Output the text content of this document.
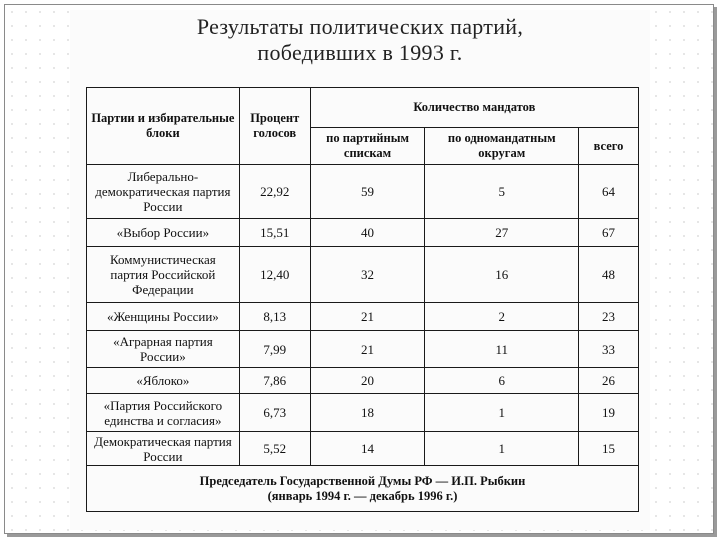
Результаты политических партий,
победивших в 1993 г.
Партии и избирательные блоки	Процент голосов	Количество мандатов		
		по партийным спискам	по одномандатным округам	всего
Либерально-демократическая партия России	22,92	59	5	64
«Выбор России»	15,51	40	27	67
Коммунистическая партия Российской Федерации	12,40	32	16	48
«Женщины России»	8,13	21	2	23
«Аграрная партия России»	7,99	21	11	33
«Яблоко»	7,86	20	6	26
«Партия Российского единства и согласия»	6,73	18	1	19
Демократическая партия России	5,52	14	1	15

Председатель Государственной Думы РФ — И.П. Рыбкин
(январь 1994 г. — декабрь 1996 г.)				
